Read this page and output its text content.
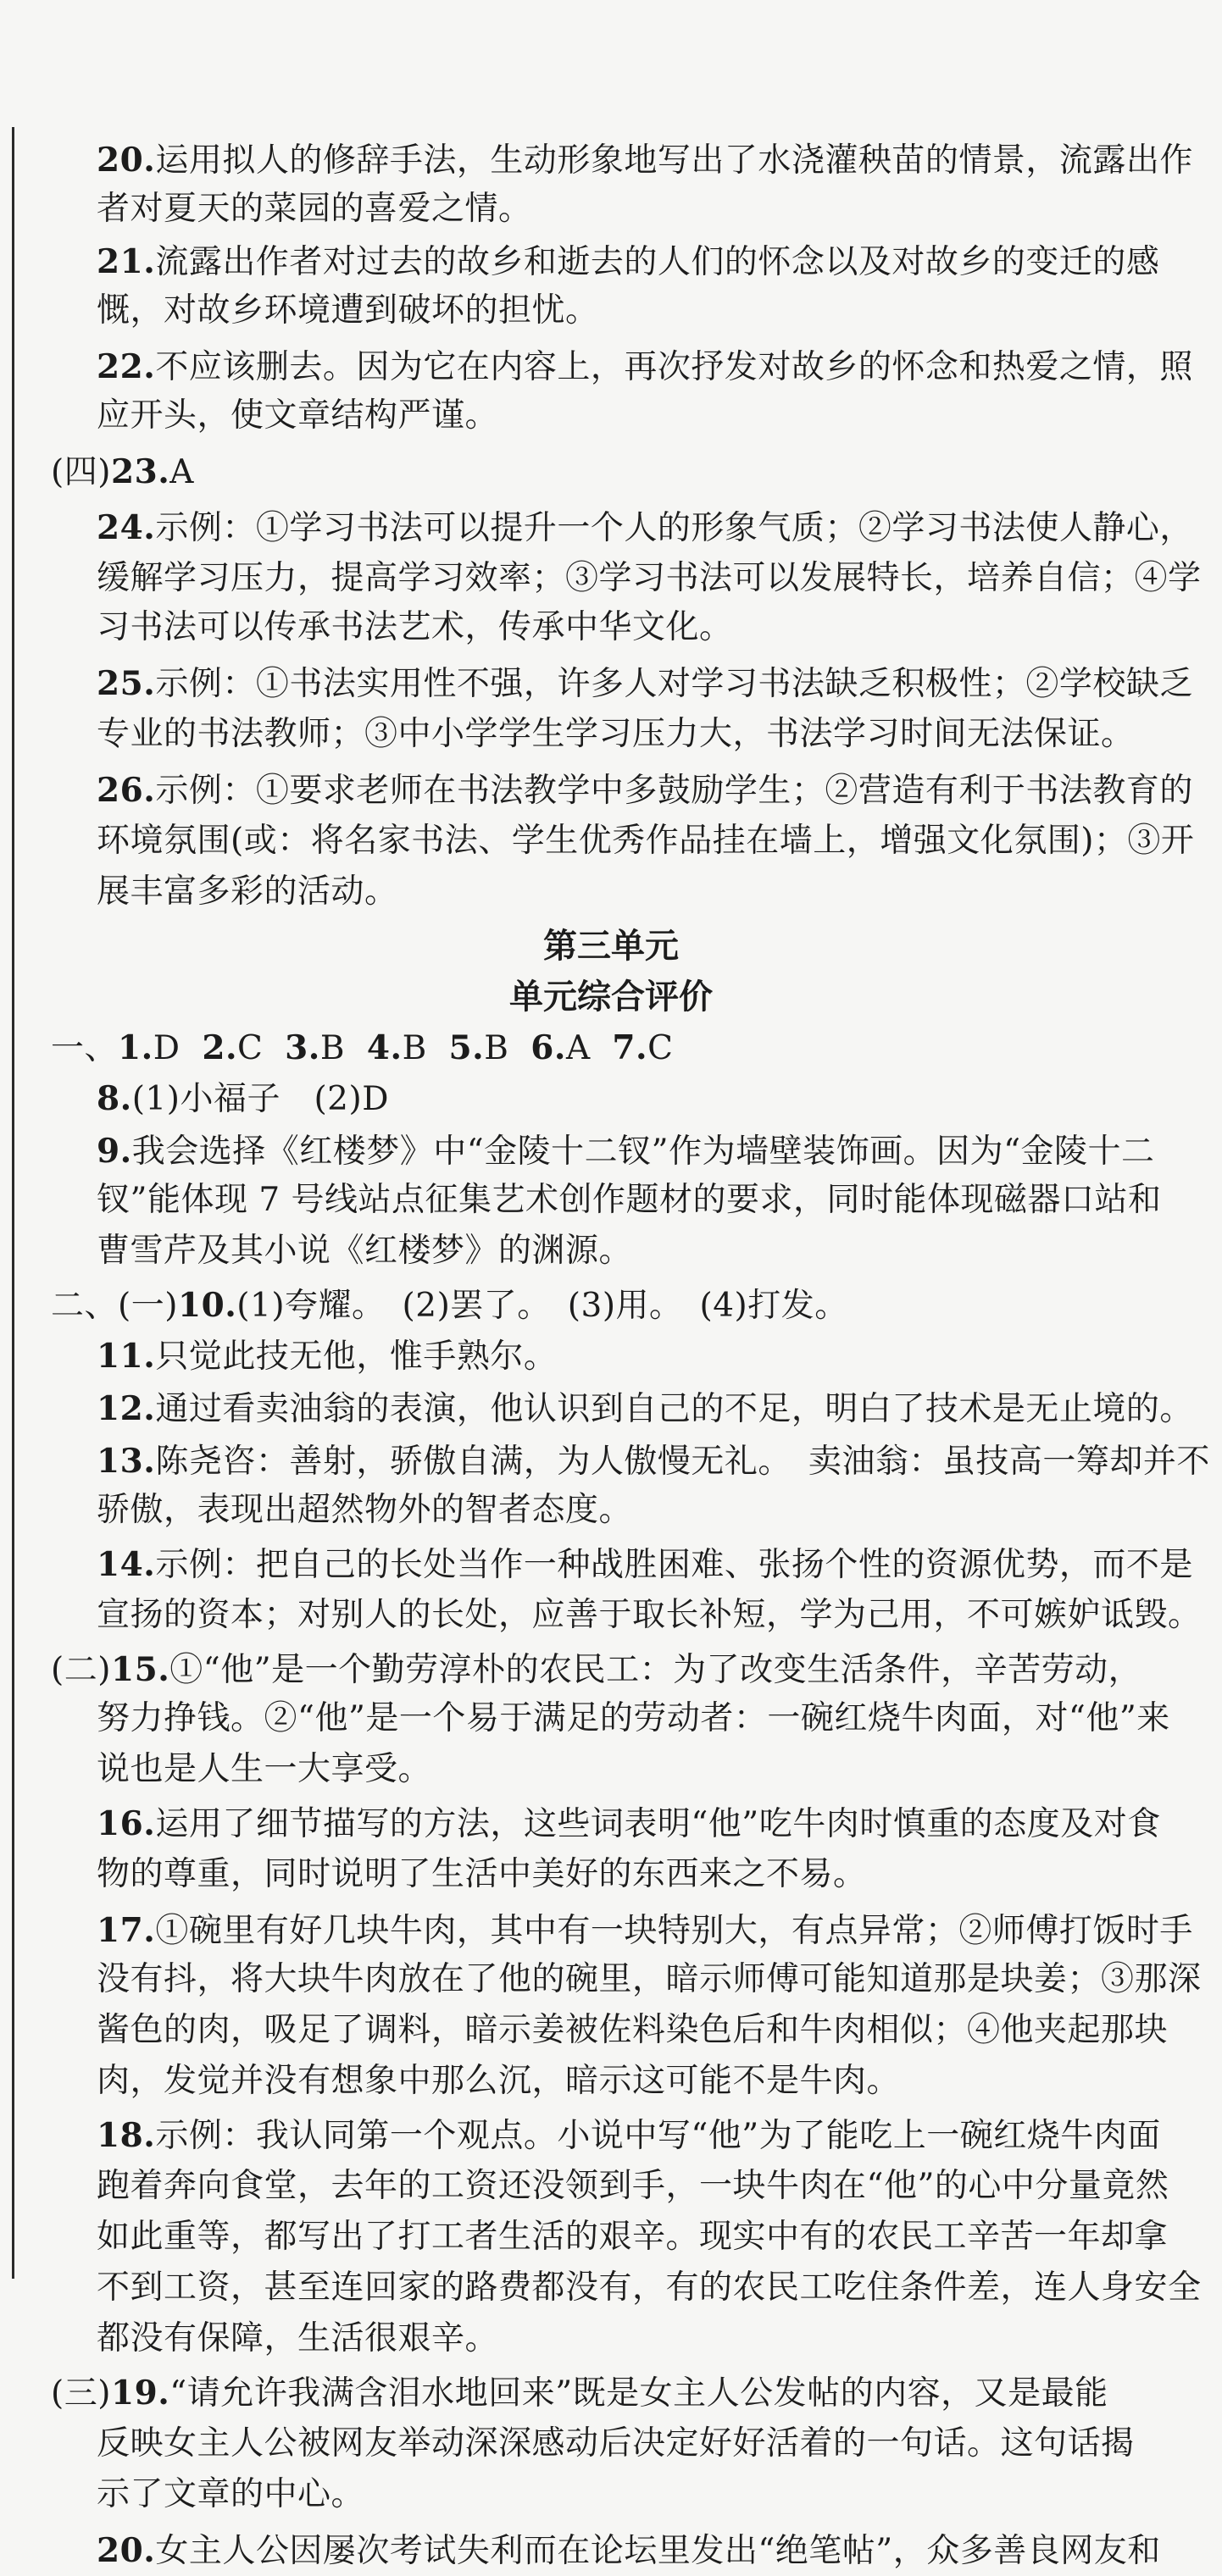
20.运用拟人的修辞手法，生动形象地写出了水浇灌秧苗的情景，流露出作
者对夏天的菜园的喜爱之情。
21.流露出作者对过去的故乡和逝去的人们的怀念以及对故乡的变迁的感
慨，对故乡环境遭到破坏的担忧。
22.不应该删去。因为它在内容上，再次抒发对故乡的怀念和热爱之情，照
应开头，使文章结构严谨。
(四)23.A
24.示例：①学习书法可以提升一个人的形象气质；②学习书法使人静心，
缓解学习压力，提高学习效率；③学习书法可以发展特长，培养自信；④学
习书法可以传承书法艺术，传承中华文化。
25.示例：①书法实用性不强，许多人对学习书法缺乏积极性；②学校缺乏
专业的书法教师；③中小学学生学习压力大，书法学习时间无法保证。
26.示例：①要求老师在书法教学中多鼓励学生；②营造有利于书法教育的
环境氛围(或：将名家书法、学生优秀作品挂在墙上，增强文化氛围)；③开
展丰富多彩的活动。
第三单元
单元综合评价
一、1.D 2.C 3.B 4.B 5.B 6.A 7.C
8.(1)小福子　(2)D
9.我会选择《红楼梦》中“金陵十二钗”作为墙壁装饰画。因为“金陵十二
钗”能体现 7 号线站点征集艺术创作题材的要求，同时能体现磁器口站和
曹雪芹及其小说《红楼梦》的渊源。
二、(一)10.(1)夸耀。　(2)罢了。　(3)用。　(4)打发。
11.只觉此技无他，惟手熟尔。
12.通过看卖油翁的表演，他认识到自己的不足，明白了技术是无止境的。
13.陈尧咨：善射，骄傲自满，为人傲慢无礼。　卖油翁：虽技高一筹却并不
骄傲，表现出超然物外的智者态度。
14.示例：把自己的长处当作一种战胜困难、张扬个性的资源优势，而不是
宣扬的资本；对别人的长处，应善于取长补短，学为己用，不可嫉妒诋毁。
(二)15.①“他”是一个勤劳淳朴的农民工：为了改变生活条件，辛苦劳动，
努力挣钱。②“他”是一个易于满足的劳动者：一碗红烧牛肉面，对“他”来
说也是人生一大享受。
16.运用了细节描写的方法，这些词表明“他”吃牛肉时慎重的态度及对食
物的尊重，同时说明了生活中美好的东西来之不易。
17.①碗里有好几块牛肉，其中有一块特别大，有点异常；②师傅打饭时手
没有抖，将大块牛肉放在了他的碗里，暗示师傅可能知道那是块姜；③那深
酱色的肉，吸足了调料，暗示姜被佐料染色后和牛肉相似；④他夹起那块
肉，发觉并没有想象中那么沉，暗示这可能不是牛肉。
18.示例：我认同第一个观点。小说中写“他”为了能吃上一碗红烧牛肉面
跑着奔向食堂，去年的工资还没领到手，一块牛肉在“他”的心中分量竟然
如此重等，都写出了打工者生活的艰辛。现实中有的农民工辛苦一年却拿
不到工资，甚至连回家的路费都没有，有的农民工吃住条件差，连人身安全
都没有保障，生活很艰辛。
(三)19.“请允许我满含泪水地回来”既是女主人公发帖的内容，又是最能
反映女主人公被网友举动深深感动后决定好好活着的一句话。这句话揭
示了文章的中心。
20.女主人公因屡次考试失利而在论坛里发出“绝笔帖”，众多善良网友和
